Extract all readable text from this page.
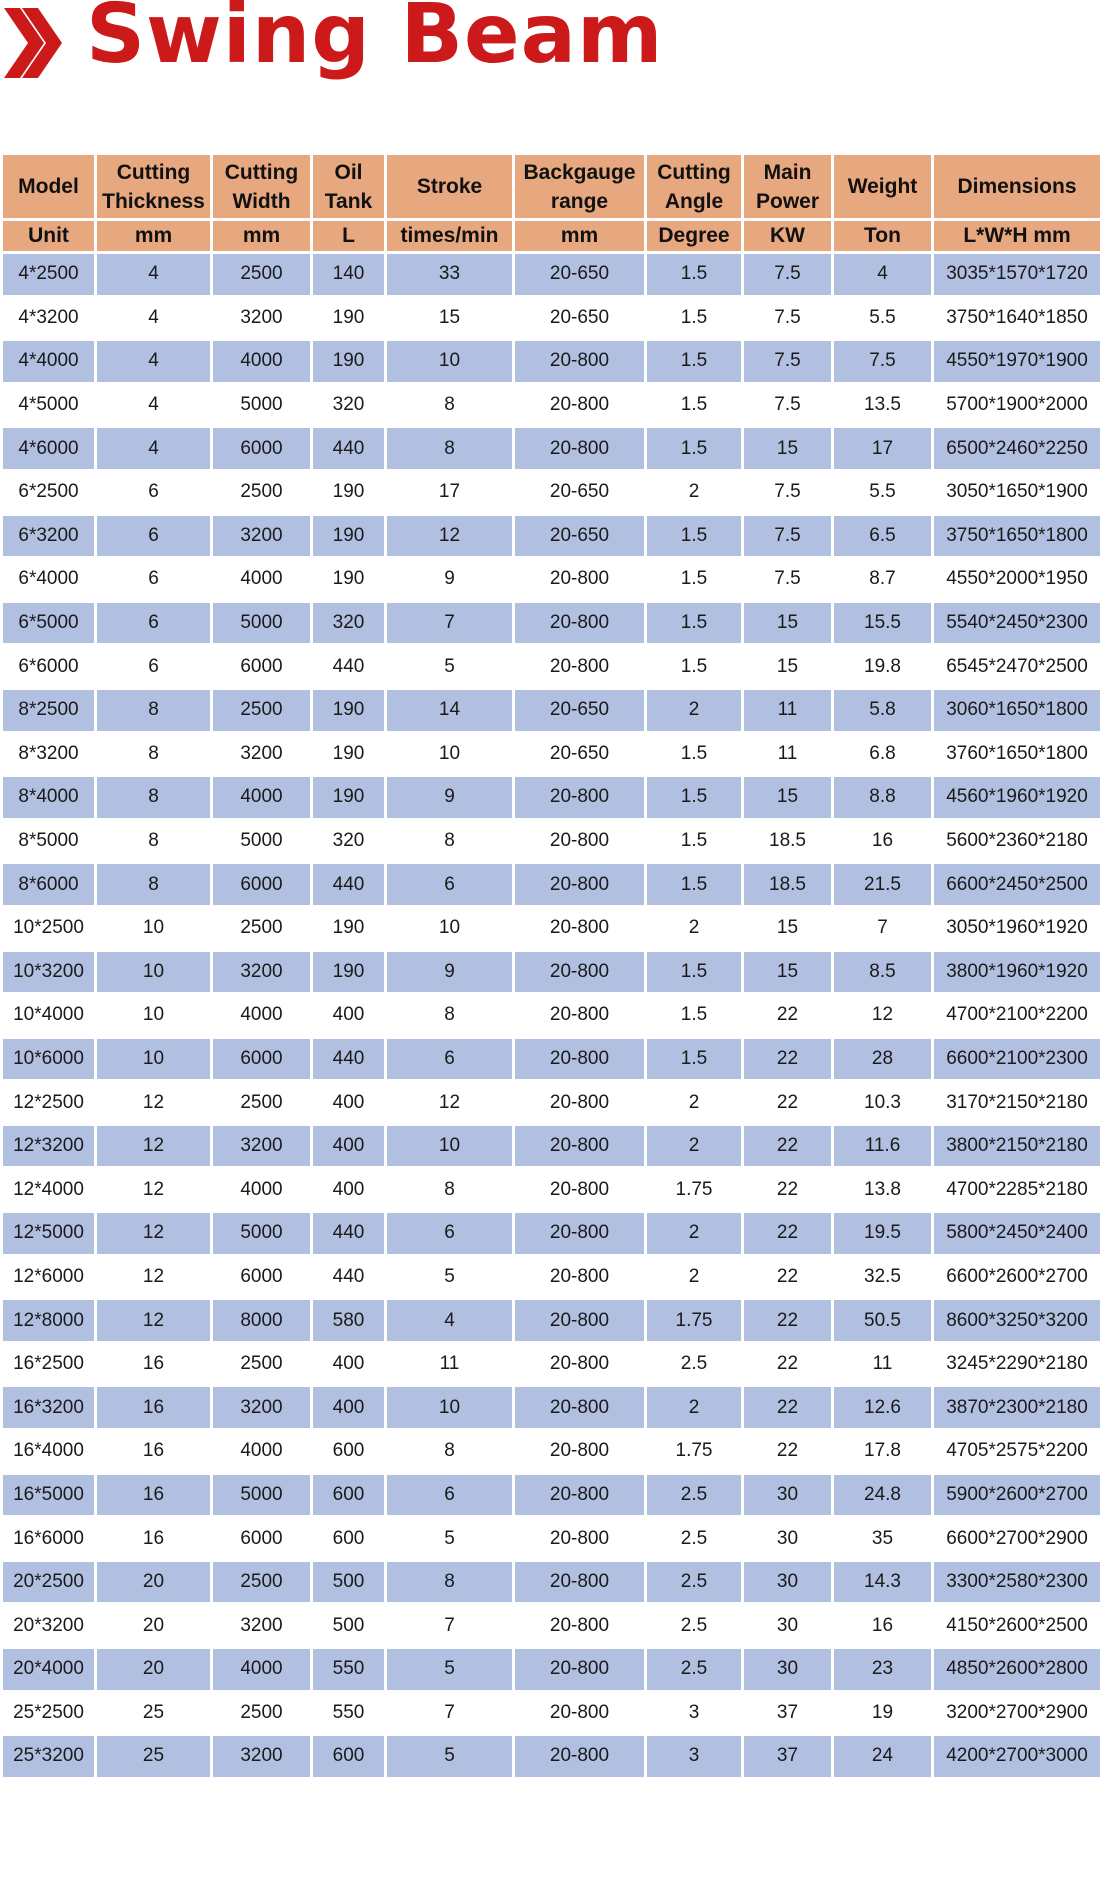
Swing Beam
Model	Cutting Thickness	Cutting Width	Oil Tank	Stroke	Backgauge range	Cutting Angle	Main Power	Weight	Dimensions
Unit	mm	mm	L	times/min	mm	Degree	KW	Ton	L*W*H mm
4*2500	4	2500	140	33	20-650	1.5	7.5	4	3035*1570*1720
4*3200	4	3200	190	15	20-650	1.5	7.5	5.5	3750*1640*1850
4*4000	4	4000	190	10	20-800	1.5	7.5	7.5	4550*1970*1900
4*5000	4	5000	320	8	20-800	1.5	7.5	13.5	5700*1900*2000
4*6000	4	6000	440	8	20-800	1.5	15	17	6500*2460*2250
6*2500	6	2500	190	17	20-650	2	7.5	5.5	3050*1650*1900
6*3200	6	3200	190	12	20-650	1.5	7.5	6.5	3750*1650*1800
6*4000	6	4000	190	9	20-800	1.5	7.5	8.7	4550*2000*1950
6*5000	6	5000	320	7	20-800	1.5	15	15.5	5540*2450*2300
6*6000	6	6000	440	5	20-800	1.5	15	19.8	6545*2470*2500
8*2500	8	2500	190	14	20-650	2	11	5.8	3060*1650*1800
8*3200	8	3200	190	10	20-650	1.5	11	6.8	3760*1650*1800
8*4000	8	4000	190	9	20-800	1.5	15	8.8	4560*1960*1920
8*5000	8	5000	320	8	20-800	1.5	18.5	16	5600*2360*2180
8*6000	8	6000	440	6	20-800	1.5	18.5	21.5	6600*2450*2500
10*2500	10	2500	190	10	20-800	2	15	7	3050*1960*1920
10*3200	10	3200	190	9	20-800	1.5	15	8.5	3800*1960*1920
10*4000	10	4000	400	8	20-800	1.5	22	12	4700*2100*2200
10*6000	10	6000	440	6	20-800	1.5	22	28	6600*2100*2300
12*2500	12	2500	400	12	20-800	2	22	10.3	3170*2150*2180
12*3200	12	3200	400	10	20-800	2	22	11.6	3800*2150*2180
12*4000	12	4000	400	8	20-800	1.75	22	13.8	4700*2285*2180
12*5000	12	5000	440	6	20-800	2	22	19.5	5800*2450*2400
12*6000	12	6000	440	5	20-800	2	22	32.5	6600*2600*2700
12*8000	12	8000	580	4	20-800	1.75	22	50.5	8600*3250*3200
16*2500	16	2500	400	11	20-800	2.5	22	11	3245*2290*2180
16*3200	16	3200	400	10	20-800	2	22	12.6	3870*2300*2180
16*4000	16	4000	600	8	20-800	1.75	22	17.8	4705*2575*2200
16*5000	16	5000	600	6	20-800	2.5	30	24.8	5900*2600*2700
16*6000	16	6000	600	5	20-800	2.5	30	35	6600*2700*2900
20*2500	20	2500	500	8	20-800	2.5	30	14.3	3300*2580*2300
20*3200	20	3200	500	7	20-800	2.5	30	16	4150*2600*2500
20*4000	20	4000	550	5	20-800	2.5	30	23	4850*2600*2800
25*2500	25	2500	550	7	20-800	3	37	19	3200*2700*2900
25*3200	25	3200	600	5	20-800	3	37	24	4200*2700*3000
